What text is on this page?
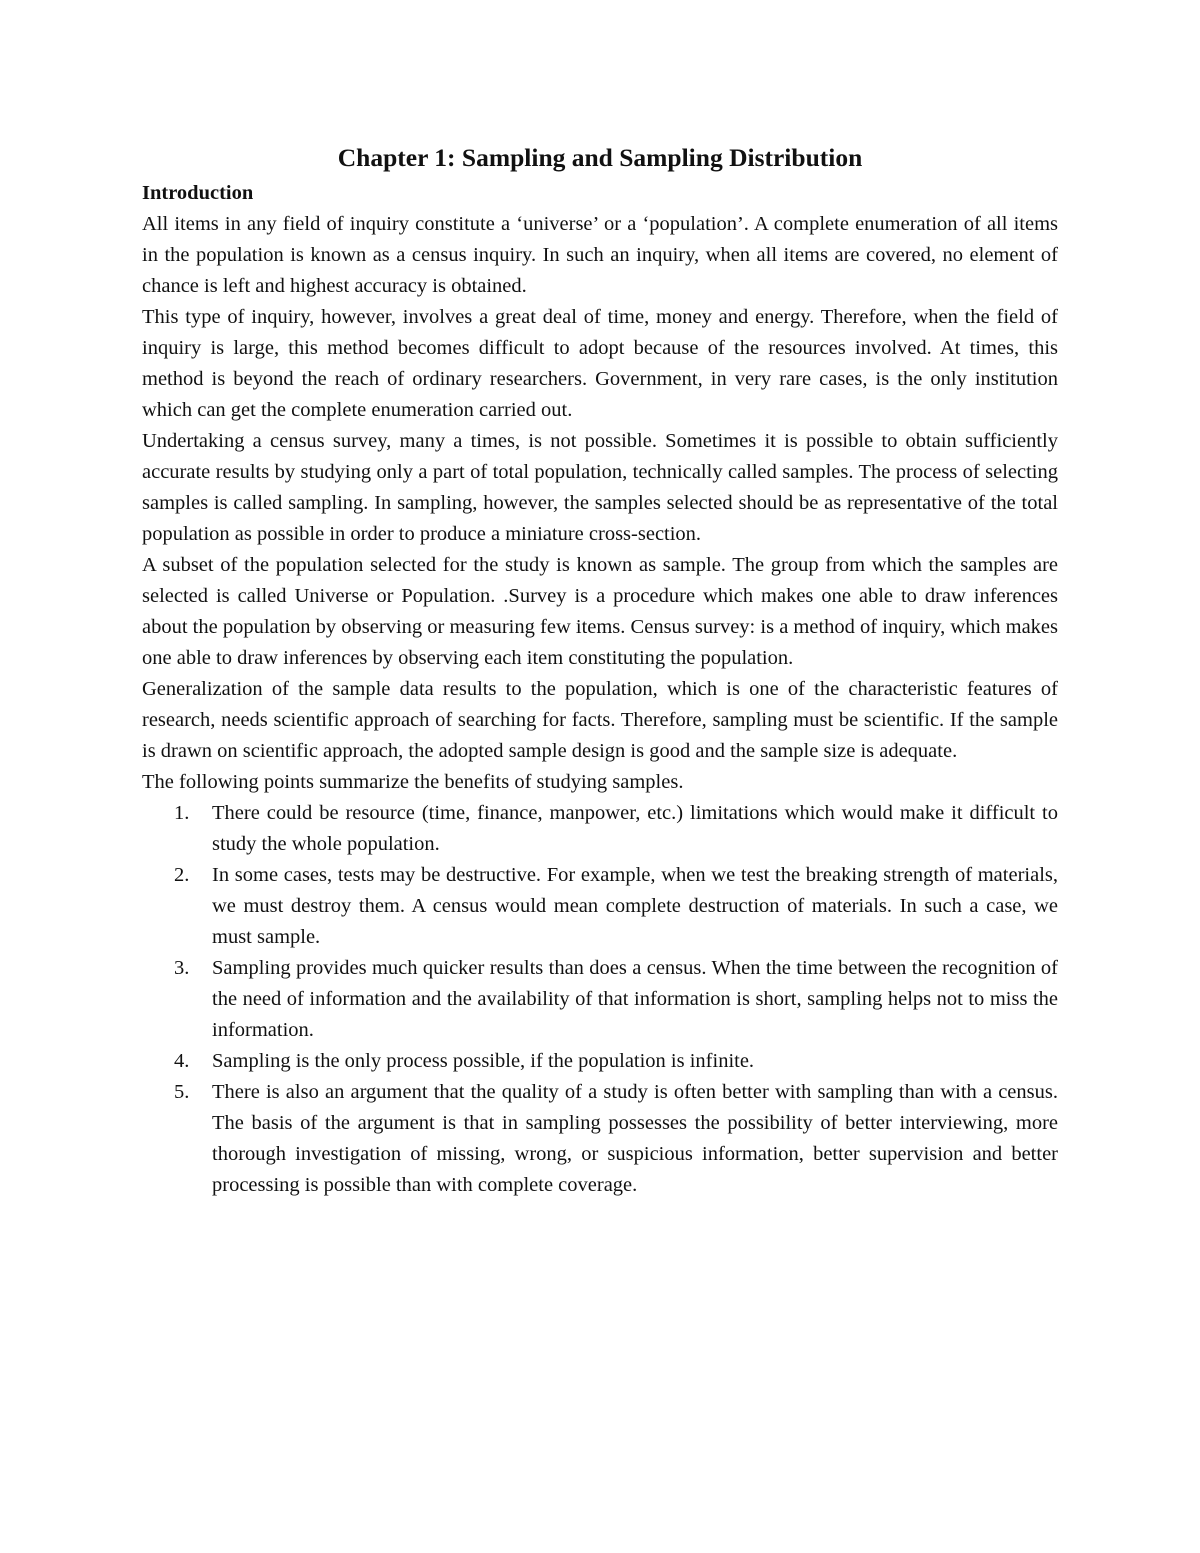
Chapter 1: Sampling and Sampling Distribution
Introduction

All items in any field of inquiry constitute a ‘universe’ or a ‘population’. A complete enumeration of all items in the population is known as a census inquiry. In such an inquiry, when all items are covered, no element of chance is left and highest accuracy is obtained.

This type of inquiry, however, involves a great deal of time, money and energy. Therefore, when the field of inquiry is large, this method becomes difficult to adopt because of the resources involved. At times, this method is beyond the reach of ordinary researchers. Government, in very rare cases, is the only institution which can get the complete enumeration carried out.

Undertaking a census survey, many a times, is not possible. Sometimes it is possible to obtain sufficiently accurate results by studying only a part of total population, technically called samples. The process of selecting samples is called sampling. In sampling, however, the samples selected should be as representative of the total population as possible in order to produce a miniature cross-section.

A subset of the population selected for the study is known as sample. The group from which the samples are selected is called Universe or Population. .Survey is a procedure which makes one able to draw inferences about the population by observing or measuring few items. Census survey: is a method of inquiry, which makes one able to draw inferences by observing each item constituting the population.

Generalization of the sample data results to the population, which is one of the characteristic features of research, needs scientific approach of searching for facts. Therefore, sampling must be scientific. If the sample is drawn on scientific approach, the adopted sample design is good and the sample size is adequate.

The following points summarize the benefits of studying samples.

1. There could be resource (time, finance, manpower, etc.) limitations which would make it difficult to study the whole population.
2. In some cases, tests may be destructive. For example, when we test the breaking strength of materials, we must destroy them. A census would mean complete destruction of materials. In such a case, we must sample.
3. Sampling provides much quicker results than does a census. When the time between the recognition of the need of information and the availability of that information is short, sampling helps not to miss the information.
4. Sampling is the only process possible, if the population is infinite.
5. There is also an argument that the quality of a study is often better with sampling than with a census. The basis of the argument is that in sampling possesses the possibility of better interviewing, more thorough investigation of missing, wrong, or suspicious information, better supervision and better processing is possible than with complete coverage.
